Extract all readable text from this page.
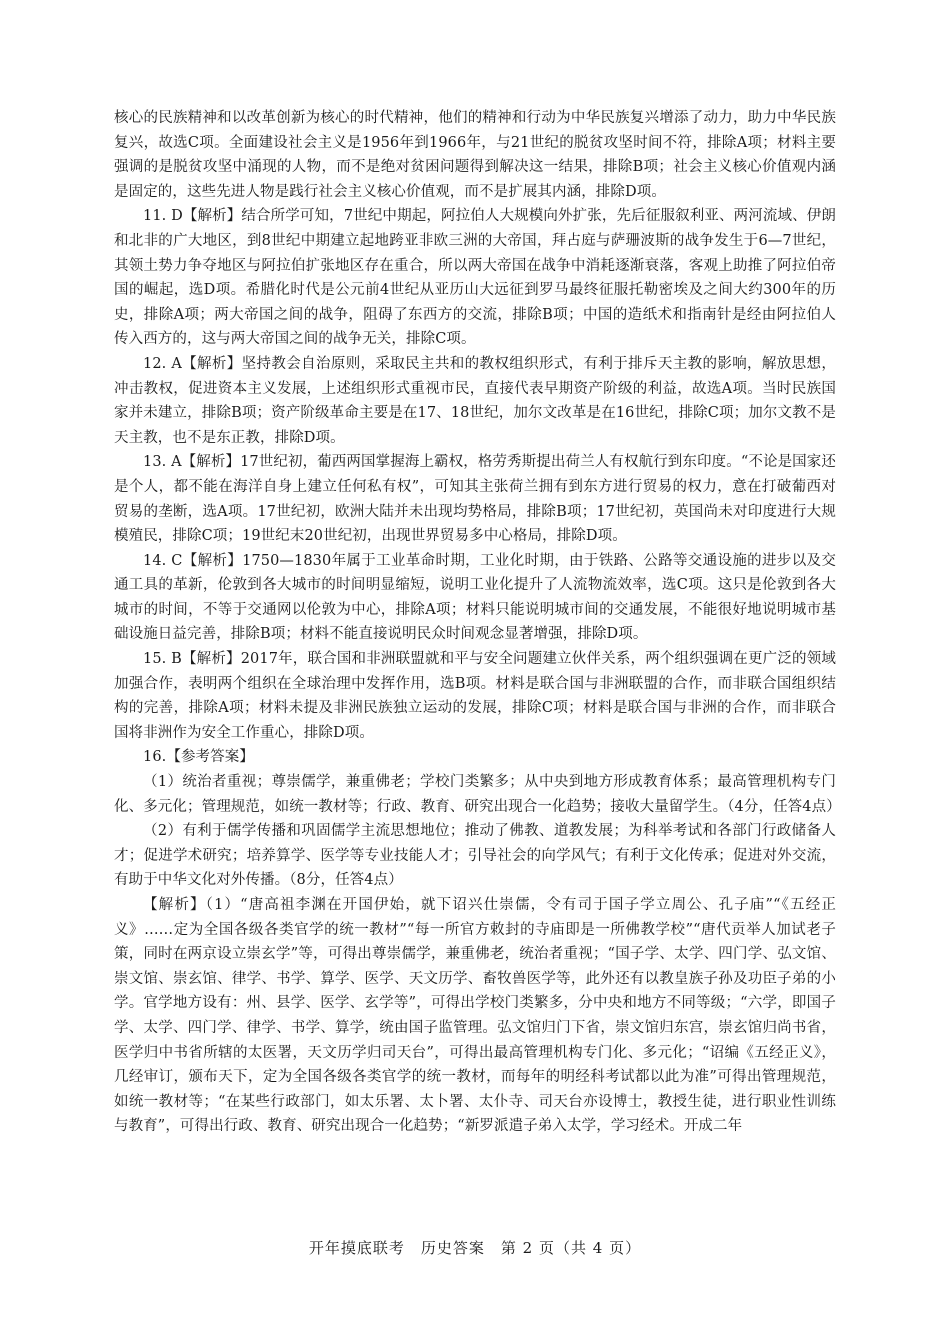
核心的民族精神和以改革创新为核心的时代精神，他们的精神和行动为中华民族复兴增添了动力，助力中华民族复兴，故选C项。全面建设社会主义是1956年到1966年，与21世纪的脱贫攻坚时间不符，排除A项；材料主要强调的是脱贫攻坚中涌现的人物，而不是绝对贫困问题得到解决这一结果，排除B项；社会主义核心价值观内涵是固定的，这些先进人物是践行社会主义核心价值观，而不是扩展其内涵，排除D项。

11. D【解析】结合所学可知，7世纪中期起，阿拉伯人大规模向外扩张，先后征服叙利亚、两河流域、伊朗和北非的广大地区，到8世纪中期建立起地跨亚非欧三洲的大帝国，拜占庭与萨珊波斯的战争发生于6—7世纪，其领土势力争夺地区与阿拉伯扩张地区存在重合，所以两大帝国在战争中消耗逐渐衰落，客观上助推了阿拉伯帝国的崛起，选D项。希腊化时代是公元前4世纪从亚历山大远征到罗马最终征服托勒密埃及之间大约300年的历史，排除A项；两大帝国之间的战争，阻碍了东西方的交流，排除B项；中国的造纸术和指南针是经由阿拉伯人传入西方的，这与两大帝国之间的战争无关，排除C项。

12. A【解析】坚持教会自治原则，采取民主共和的教权组织形式，有利于排斥天主教的影响，解放思想，冲击教权，促进资本主义发展，上述组织形式重视市民，直接代表早期资产阶级的利益，故选A项。当时民族国家并未建立，排除B项；资产阶级革命主要是在17、18世纪，加尔文改革是在16世纪，排除C项；加尔文教不是天主教，也不是东正教，排除D项。

13. A【解析】17世纪初，葡西两国掌握海上霸权，格劳秀斯提出荷兰人有权航行到东印度。“不论是国家还是个人，都不能在海洋自身上建立任何私有权”，可知其主张荷兰拥有到东方进行贸易的权力，意在打破葡西对贸易的垄断，选A项。17世纪初，欧洲大陆并未出现均势格局，排除B项；17世纪初，英国尚未对印度进行大规模殖民，排除C项；19世纪末20世纪初，出现世界贸易多中心格局，排除D项。

14. C【解析】1750—1830年属于工业革命时期，工业化时期，由于铁路、公路等交通设施的进步以及交通工具的革新，伦敦到各大城市的时间明显缩短，说明工业化提升了人流物流效率，选C项。这只是伦敦到各大城市的时间，不等于交通网以伦敦为中心，排除A项；材料只能说明城市间的交通发展，不能很好地说明城市基础设施日益完善，排除B项；材料不能直接说明民众时间观念显著增强，排除D项。

15. B【解析】2017年，联合国和非洲联盟就和平与安全问题建立伙伴关系，两个组织强调在更广泛的领域加强合作，表明两个组织在全球治理中发挥作用，选B项。材料是联合国与非洲联盟的合作，而非联合国组织结构的完善，排除A项；材料未提及非洲民族独立运动的发展，排除C项；材料是联合国与非洲的合作，而非联合国将非洲作为安全工作重心，排除D项。

16.【参考答案】

（1）统治者重视；尊崇儒学，兼重佛老；学校门类繁多；从中央到地方形成教育体系；最高管理机构专门化、多元化；管理规范，如统一教材等；行政、教育、研究出现合一化趋势；接收大量留学生。（4分，任答4点）

（2）有利于儒学传播和巩固儒学主流思想地位；推动了佛教、道教发展；为科举考试和各部门行政储备人才；促进学术研究；培养算学、医学等专业技能人才；引导社会的向学风气；有利于文化传承；促进对外交流，有助于中华文化对外传播。（8分，任答4点）

【解析】（1）“唐高祖李渊在开国伊始，就下诏兴仕崇儒，令有司于国子学立周公、孔子庙”“《五经正义》……定为全国各级各类官学的统一教材”“每一所官方敕封的寺庙即是一所佛教学校”“唐代贡举人加试老子策，同时在两京设立崇玄学”等，可得出尊崇儒学，兼重佛老，统治者重视；“国子学、太学、四门学、弘文馆、崇文馆、崇玄馆、律学、书学、算学、医学、天文历学、畜牧兽医学等，此外还有以教皇族子孙及功臣子弟的小学。官学地方设有：州、县学、医学、玄学等”，可得出学校门类繁多，分中央和地方不同等级；“六学，即国子学、太学、四门学、律学、书学、算学，统由国子监管理。弘文馆归门下省，崇文馆归东宫，崇玄馆归尚书省，医学归中书省所辖的太医署，天文历学归司天台”，可得出最高管理机构专门化、多元化；“诏编《五经正义》，几经审订，颁布天下，定为全国各级各类官学的统一教材，而每年的明经科考试都以此为准”可得出管理规范，如统一教材等；“在某些行政部门，如太乐署、太卜署、太仆寺、司天台亦设博士，教授生徒，进行职业性训练与教育”，可得出行政、教育、研究出现合一化趋势；“新罗派遣子弟入太学，学习经术。开成二年

开年摸底联考　历史答案　第 2 页（共 4 页）
